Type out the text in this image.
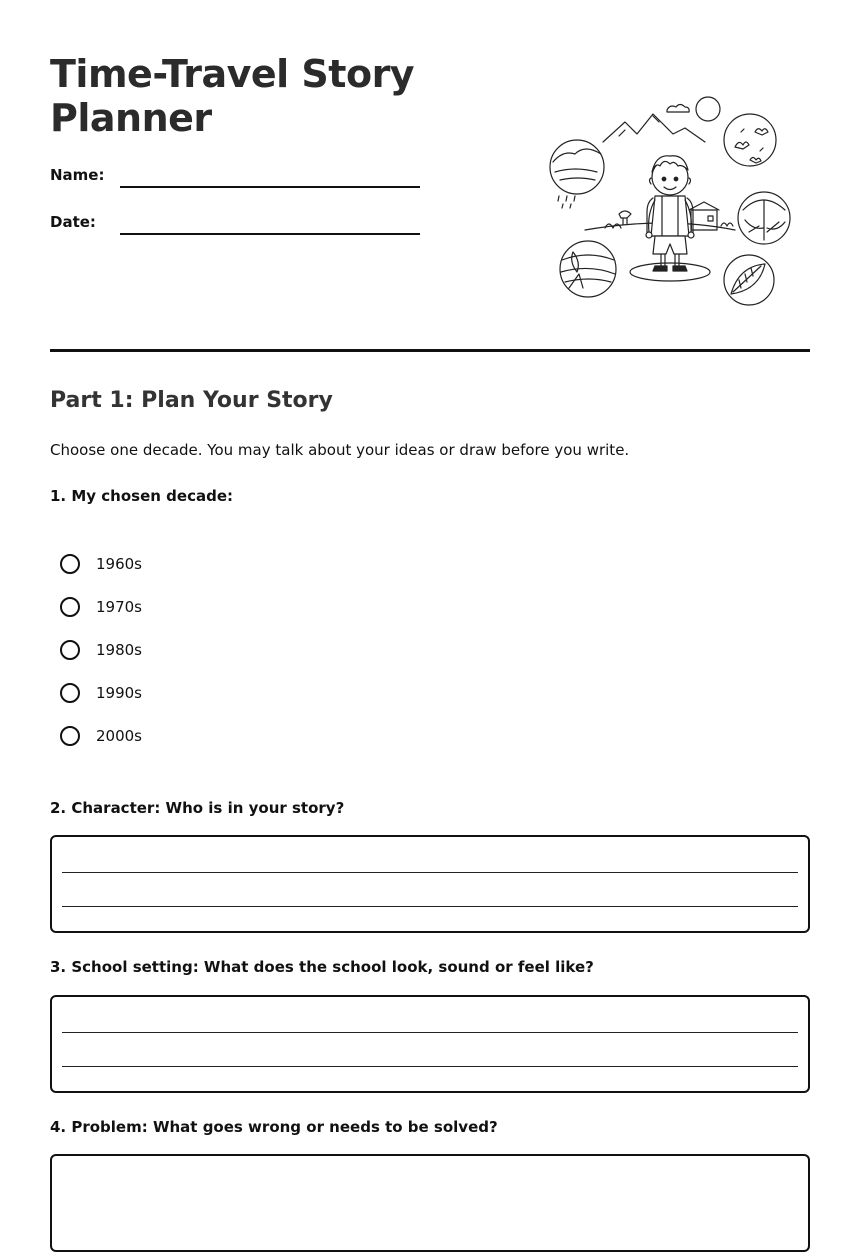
Time-Travel Story Planner
Name:
Date:
Part 1: Plan Your Story
Choose one decade. You may talk about your ideas or draw before you write.
1. My chosen decade:
1960s
1970s
1980s
1990s
2000s
2. Character: Who is in your story?
3. School setting: What does the school look, sound or feel like?
4. Problem: What goes wrong or needs to be solved?
